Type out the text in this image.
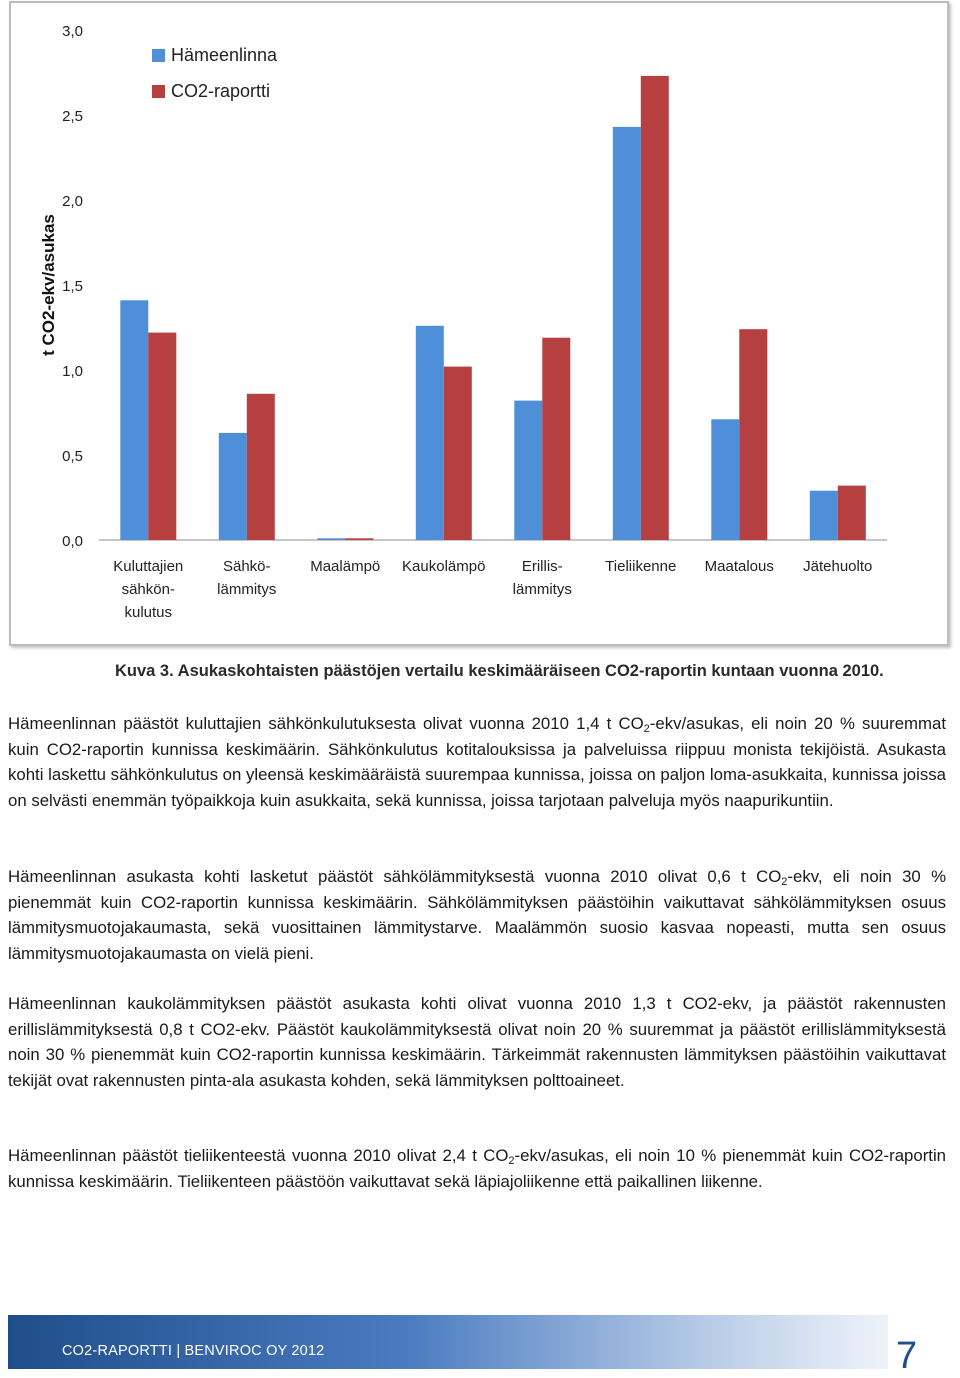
t CO2-ekv/asukas
0,0
0,5
1,0
1,5
2,0
2,5
3,0
Kuluttajien
sähkön-
kulutus
Sähkö-
lämmitys
Maalämpö Kaukolämpö Erillis-
lämmitys
Tieliikenne Maatalous Jätehuolto
Hämeenlinna
CO2-raportti
Kuva 3. Asukaskohtaisten päästöjen vertailu keskimääräiseen CO2-raportin kuntaan vuonna 2010.

Hämeenlinnan päästöt kuluttajien sähkönkulutuksesta olivat vuonna 2010 1,4 t $CO_2-ekv$/asukas, eli noin 20 % suuremmat kuin CO2-raportin kunnissa keskimäärin. Sähkönkulutus kotitalouksissa ja palveluissa riippuu monista tekijöistä. Asukasta kohti laskettu sähkönkulutus on yleensä keskimääräistä suurempaa kunnissa, joissa on paljon loma-asukkaita, kunnissa joissa on selvästi enemmän työpaikkoja kuin asukkaita, sekä kunnissa, joissa tarjotaan palveluja myös naapurikuntiin.

Hämeenlinnan asukasta kohti lasketut päästöt sähkölämmityksestä vuonna 2010 olivat 0,6 t $CO_2$-ekv, eli noin 30 % pienemmät kuin CO2-raportin kunnissa keskimäärin. Sähkölämmityksen päästöihin vaikuttavat sähkölämmityksen osuus lämmitysmuotojakaumasta, sekä vuosittainen lämmitystarve. Maalämmön suosio kasvaa nopeasti, mutta sen osuus lämmitysmuotojakaumasta on vielä pieni.

Hämeenlinnan kaukolämmityksen päästöt asukasta kohti olivat vuonna 2010 1,3 t CO2-ekv, ja päästöt rakennusten erillislämmityksestä 0,8 t CO2-ekv. Päästöt kaukolämmityksestä olivat noin 20 % suuremmat ja päästöt erillislämmityksestä noin 30 % pienemmät kuin CO2-raportin kunnissa keskimäärin. Tärkeimmät rakennusten lämmityksen päästöihin vaikuttavat tekijät ovat rakennusten pinta-ala asukasta kohden, sekä lämmityksen polttoaineet.

Hämeenlinnan päästöt tieliikenteestä vuonna 2010 olivat 2,4 t $CO_2-ekv$/asukas, eli noin 10 % pienemmät kuin CO2-raportin kunnissa keskimäärin. Tieliikenteen päästöön vaikuttavat sekä läpiajoliikenne että paikallinen liikenne.

CO2-RAPORTTI | BENVIROC OY 2012	7
